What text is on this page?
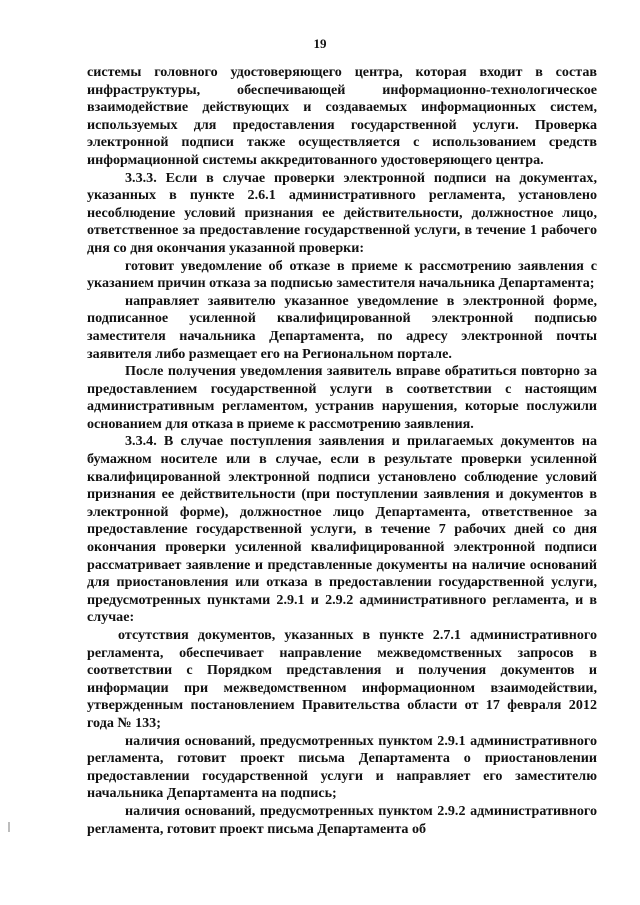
19

системы головного удостоверяющего центра, которая входит в состав инфраструктуры, обеспечивающей информационно-технологическое взаимодействие действующих и создаваемых информационных систем, используемых для предоставления государственной услуги. Проверка электронной подписи также осуществляется с использованием средств информационной системы аккредитованного удостоверяющего центра.

3.3.3. Если в случае проверки электронной подписи на документах, указанных в пункте 2.6.1 административного регламента, установлено несоблюдение условий признания ее действительности, должностное лицо, ответственное за предоставление государственной услуги, в течение 1 рабочего дня со дня окончания указанной проверки:

готовит уведомление об отказе в приеме к рассмотрению заявления с указанием причин отказа за подписью заместителя начальника Департамента;

направляет заявителю указанное уведомление в электронной форме, подписанное усиленной квалифицированной электронной подписью заместителя начальника Департамента, по адресу электронной почты заявителя либо размещает его на Региональном портале.

После получения уведомления заявитель вправе обратиться повторно за предоставлением государственной услуги в соответствии с настоящим административным регламентом, устранив нарушения, которые послужили основанием для отказа в приеме к рассмотрению заявления.

3.3.4. В случае поступления заявления и прилагаемых документов на бумажном носителе или в случае, если в результате проверки усиленной квалифицированной электронной подписи установлено соблюдение условий признания ее действительности (при поступлении заявления и документов в электронной форме), должностное лицо Департамента, ответственное за предоставление государственной услуги, в течение 7 рабочих дней со дня окончания проверки усиленной квалифицированной электронной подписи рассматривает заявление и представленные документы на наличие оснований для приостановления или отказа в предоставлении государственной услуги, предусмотренных пунктами 2.9.1 и 2.9.2 административного регламента, и в случае:

отсутствия документов, указанных в пункте 2.7.1 административного регламента, обеспечивает направление межведомственных запросов в соответствии с Порядком представления и получения документов и информации при межведомственном информационном взаимодействии, утвержденным постановлением Правительства области от 17 февраля 2012 года № 133;

наличия оснований, предусмотренных пунктом 2.9.1 административного регламента, готовит проект письма Департамента о приостановлении предоставлении государственной услуги и направляет его заместителю начальника Департамента на подпись;

наличия оснований, предусмотренных пунктом 2.9.2 административного регламента, готовит проект письма Департамента об
